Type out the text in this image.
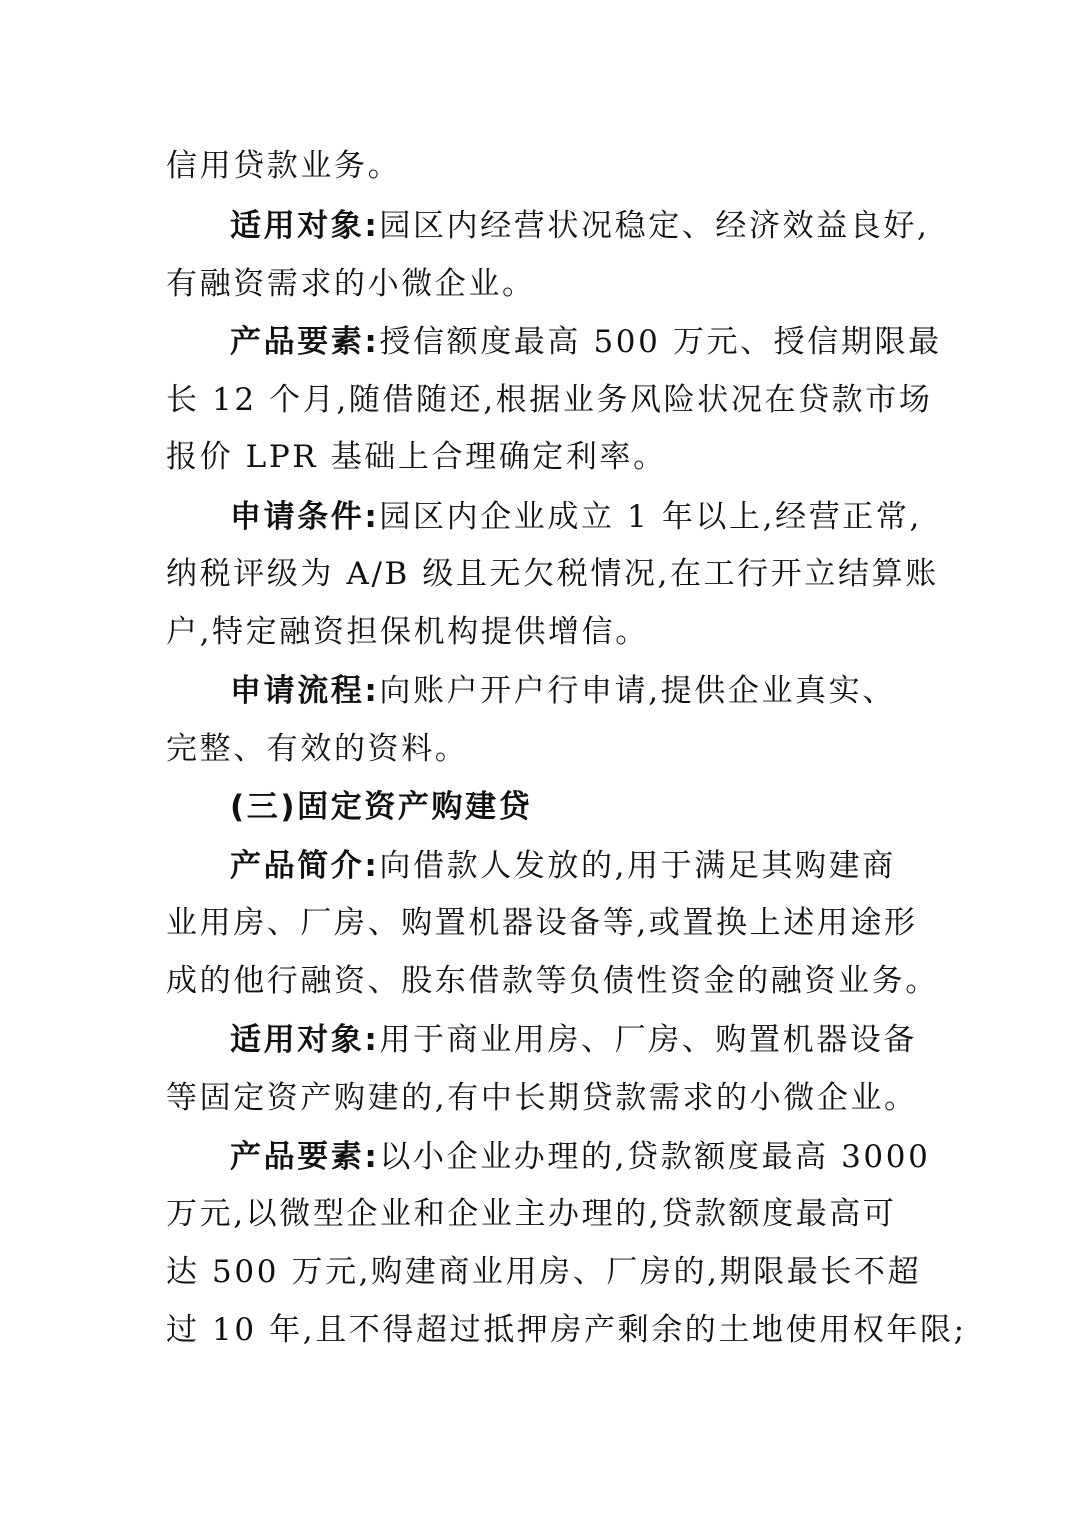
信用贷款业务。
适用对象:园区内经营状况稳定、经济效益良好,
有融资需求的小微企业。
产品要素:授信额度最高 500 万元、授信期限最
长 12 个月,随借随还,根据业务风险状况在贷款市场
报价 LPR 基础上合理确定利率。
申请条件:园区内企业成立 1 年以上,经营正常,
纳税评级为 A/B 级且无欠税情况,在工行开立结算账
户,特定融资担保机构提供增信。
申请流程:向账户开户行申请,提供企业真实、
完整、有效的资料。
(三)固定资产购建贷
产品简介:向借款人发放的,用于满足其购建商
业用房、厂房、购置机器设备等,或置换上述用途形
成的他行融资、股东借款等负债性资金的融资业务。
适用对象:用于商业用房、厂房、购置机器设备
等固定资产购建的,有中长期贷款需求的小微企业。
产品要素:以小企业办理的,贷款额度最高 3000
万元,以微型企业和企业主办理的,贷款额度最高可
达 500 万元,购建商业用房、厂房的,期限最长不超
过 10 年,且不得超过抵押房产剩余的土地使用权年限;
